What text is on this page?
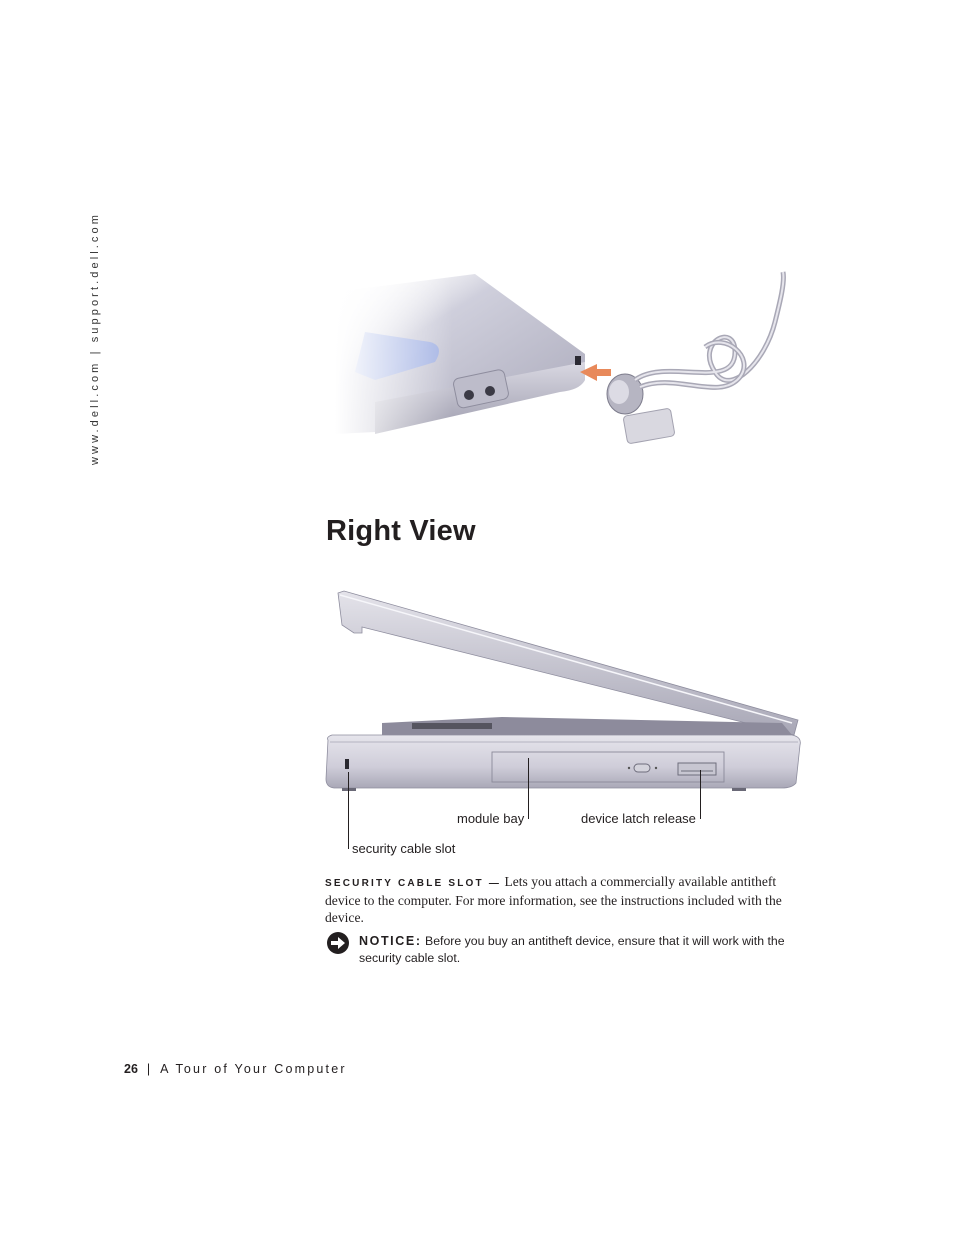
www.dell.com | support.dell.com
Right View
module bay	device latch release
security cable slot

SECURITY CABLE SLOT — Lets you attach a commercially available antitheft device to the computer. For more information, see the instructions included with the device.

NOTICE: Before you buy an antitheft device, ensure that it will work with the security cable slot.
26 | A Tour of Your Computer
